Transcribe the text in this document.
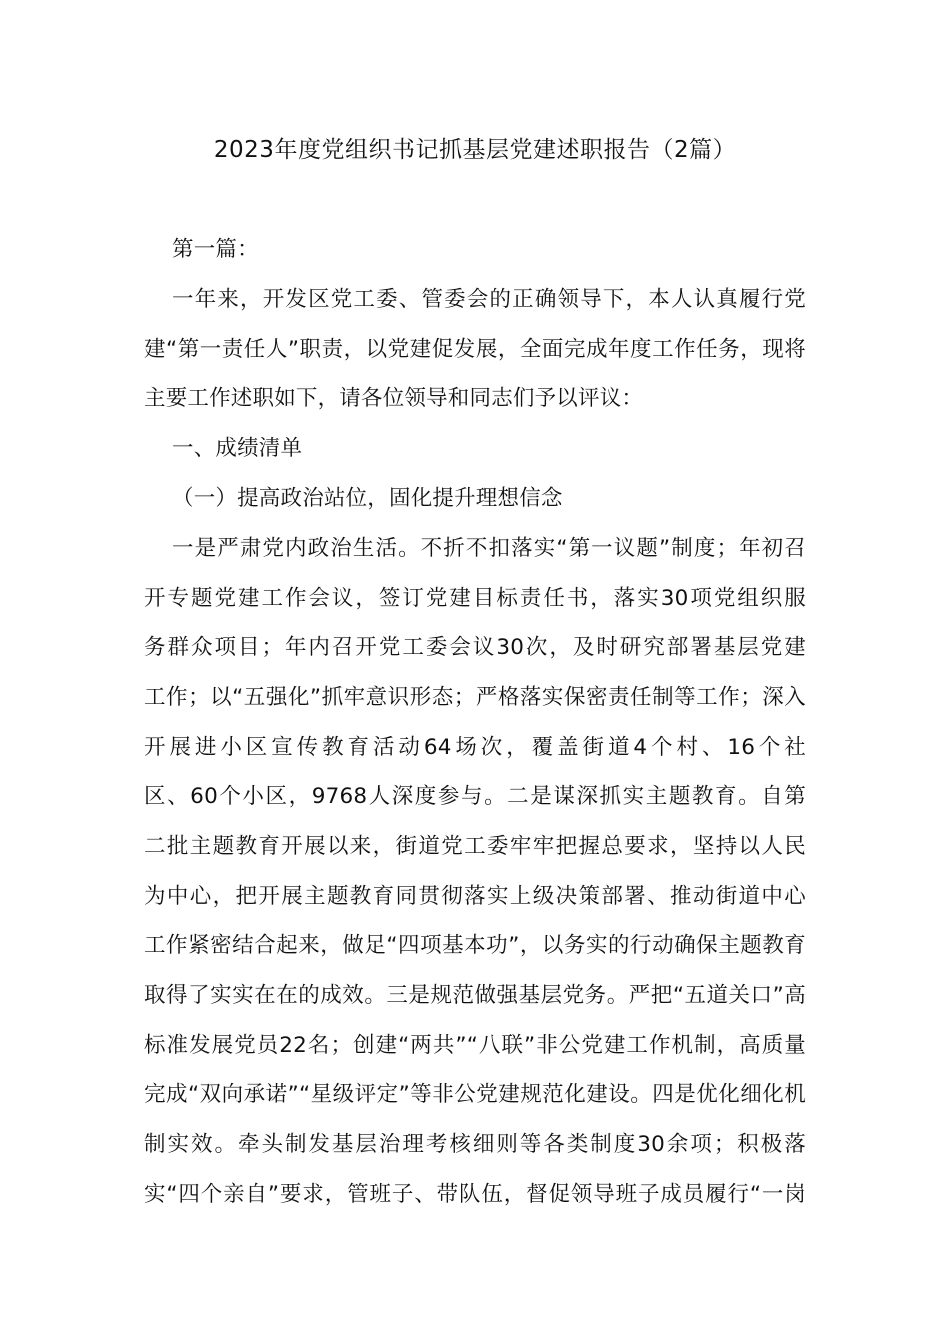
2023年度党组织书记抓基层党建述职报告（2篇）
第一篇：
一年来，开发区党工委、管委会的正确领导下，本人认真履行党
建“第一责任人”职责，以党建促发展，全面完成年度工作任务，现将
主要工作述职如下，请各位领导和同志们予以评议：
一、成绩清单
（一）提高政治站位，固化提升理想信念
一是严肃党内政治生活。不折不扣落实“第一议题”制度；年初召
开专题党建工作会议，签订党建目标责任书，落实30项党组织服
务群众项目；年内召开党工委会议30次，及时研究部署基层党建
工作；以“五强化”抓牢意识形态；严格落实保密责任制等工作；深入
开展进小区宣传教育活动64场次，覆盖街道4个村、16个社
区、60个小区，9768人深度参与。二是谋深抓实主题教育。自第
二批主题教育开展以来，街道党工委牢牢把握总要求，坚持以人民
为中心，把开展主题教育同贯彻落实上级决策部署、推动街道中心
工作紧密结合起来，做足“四项基本功”，以务实的行动确保主题教育
取得了实实在在的成效。三是规范做强基层党务。严把“五道关口”高
标准发展党员22名；创建“两共”“八联”非公党建工作机制，高质量
完成“双向承诺”“星级评定”等非公党建规范化建设。四是优化细化机
制实效。牵头制发基层治理考核细则等各类制度30余项；积极落
实“四个亲自”要求，管班子、带队伍，督促领导班子成员履行“一岗
